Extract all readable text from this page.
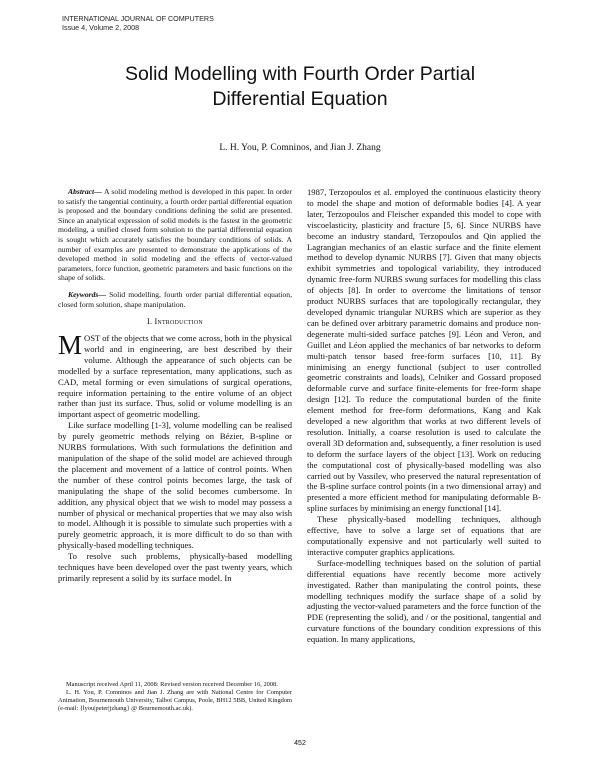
INTERNATIONAL JOURNAL OF COMPUTERS
Issue 4, Volume 2, 2008
Solid Modelling with Fourth Order Partial
Differential Equation
L. H. You, P. Comninos, and Jian J. Zhang

Abstract— A solid modeling method is developed in this paper. In order to satisfy the tangential continuity, a fourth order partial differential equation is proposed and the boundary conditions defining the solid are presented. Since an analytical expression of solid models is the fastest in the geometric modeling, a unified closed form solution to the partial differential equation is sought which accurately satisfies the boundary conditions of solids. A number of examples are presented to demonstrate the applications of the developed method in solid modeling and the effects of vector-valued parameters, force function, geometric parameters and basic functions on the shape of solids.

Keywords— Solid modelling, fourth order partial differential equation, closed form solution, shape manipulation.

I. Introduction

MOST of the objects that we come across, both in the physical world and in engineering, are best described by their volume. Although the appearance of such objects can be modelled by a surface representation, many applications, such as CAD, metal forming or even simulations of surgical operations, require information pertaining to the entire volume of an object rather than just its surface. Thus, solid or volume modelling is an important aspect of geometric modelling.

Like surface modelling [1-3], volume modelling can be realised by purely geometric methods relying on Bézier, B-spline or NURBS formulations. With such formulations the definition and manipulation of the shape of the solid model are achieved through the placement and movement of a lattice of control points. When the number of these control points becomes large, the task of manipulating the shape of the solid becomes cumbersome. In addition, any physical object that we wish to model may possess a number of physical or mechanical properties that we may also wish to model. Although it is possible to simulate such properties with a purely geometric approach, it is more difficult to do so than with physically-based modelling techniques.

To resolve such problems, physically-based modelling techniques have been developed over the past twenty years, which primarily represent a solid by its surface model. In

1987, Terzopoulos et al. employed the continuous elasticity theory to model the shape and motion of deformable bodies [4]. A year later, Terzopoulos and Fleischer expanded this model to cope with viscoelasticity, plasticity and fracture [5, 6]. Since NURBS have become an industry standard, Terzopoulos and Qin applied the Lagrangian mechanics of an elastic surface and the finite element method to develop dynamic NURBS [7]. Given that many objects exhibit symmetries and topological variability, they introduced dynamic free-form NURBS swung surfaces for modelling this class of objects [8]. In order to overcome the limitations of tensor product NURBS surfaces that are topologically rectangular, they developed dynamic triangular NURBS which are superior as they can be defined over arbitrary parametric domains and produce non-degenerate multi-sided surface patches [9]. Léon and Veron, and Guillet and Léon applied the mechanics of bar networks to deform multi-patch tensor based free-form surfaces [10, 11]. By minimising an energy functional (subject to user controlled geometric constraints and loads), Celniker and Gossard proposed deformable curve and surface finite-elements for free-form shape design [12]. To reduce the computational burden of the finite element method for free-form deformations, Kang and Kak developed a new algorithm that works at two different levels of resolution. Initially, a coarse resolution is used to calculate the overall 3D deformation and, subsequently, a finer resolution is used to deform the surface layers of the object [13]. Work on reducing the computational cost of physically-based modelling was also carried out by Vassilev, who preserved the natural representation of the B-spline surface control points (in a two dimensional array) and presented a more efficient method for manipulating deformable B-spline surfaces by minimising an energy functional [14].

These physically-based modelling techniques, although effective, have to solve a large set of equations that are computationally expensive and not particularly well suited to interactive computer graphics applications.

Surface-modelling techniques based on the solution of partial differential equations have recently become more actively investigated. Rather than manipulating the control points, these modelling techniques modify the surface shape of a solid by adjusting the vector-valued parameters and the force function of the PDE (representing the solid), and / or the positional, tangential and curvature functions of the boundary condition expressions of this equation. In many applications,

Manuscript received April 11, 2008: Revised version received December 16, 2008.

L. H. You, P. Comninos and Jian J. Zhang are with National Centre for Computer Animation, Bournemouth University, Talbot Campus, Poole, BH12 5BB, United Kingdom (e-mail: {lyou|peter|jzhang} @ Bournemouth.ac.uk).

452
